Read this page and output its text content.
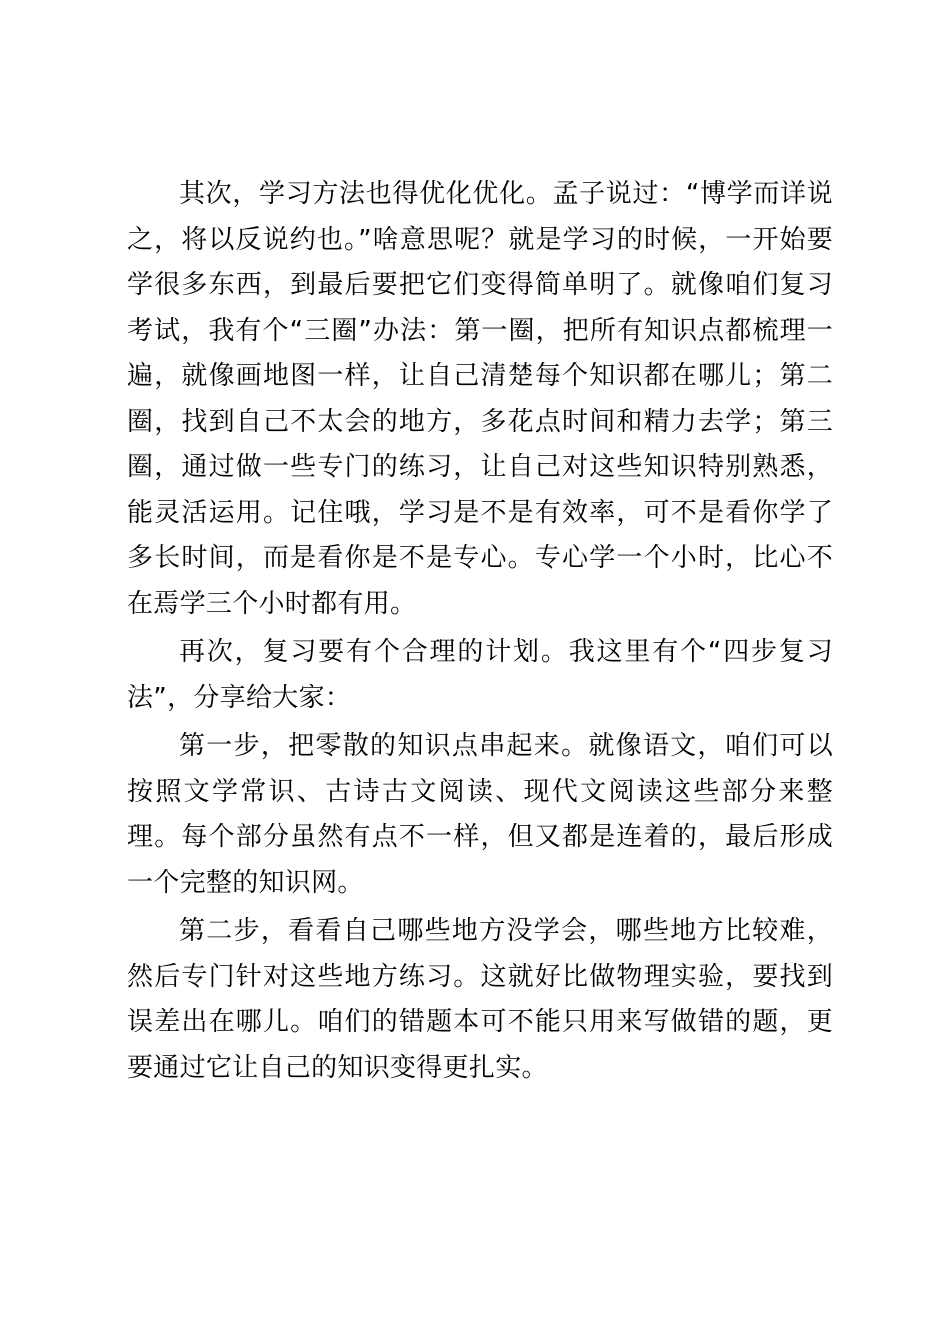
其次，学习方法也得优化优化。孟子说过：“博学而详说之，将以反说约也。”啥意思呢？就是学习的时候，一开始要学很多东西，到最后要把它们变得简单明了。就像咱们复习考试，我有个“三圈”办法：第一圈，把所有知识点都梳理一遍，就像画地图一样，让自己清楚每个知识都在哪儿；第二圈，找到自己不太会的地方，多花点时间和精力去学；第三圈，通过做一些专门的练习，让自己对这些知识特别熟悉，能灵活运用。记住哦，学习是不是有效率，可不是看你学了多长时间，而是看你是不是专心。专心学一个小时，比心不在焉学三个小时都有用。

再次，复习要有个合理的计划。我这里有个“四步复习法”，分享给大家：

第一步，把零散的知识点串起来。就像语文，咱们可以按照文学常识、古诗古文阅读、现代文阅读这些部分来整理。每个部分虽然有点不一样，但又都是连着的，最后形成一个完整的知识网。

第二步，看看自己哪些地方没学会，哪些地方比较难，然后专门针对这些地方练习。这就好比做物理实验，要找到误差出在哪儿。咱们的错题本可不能只用来写做错的题，更要通过它让自己的知识变得更扎实。
